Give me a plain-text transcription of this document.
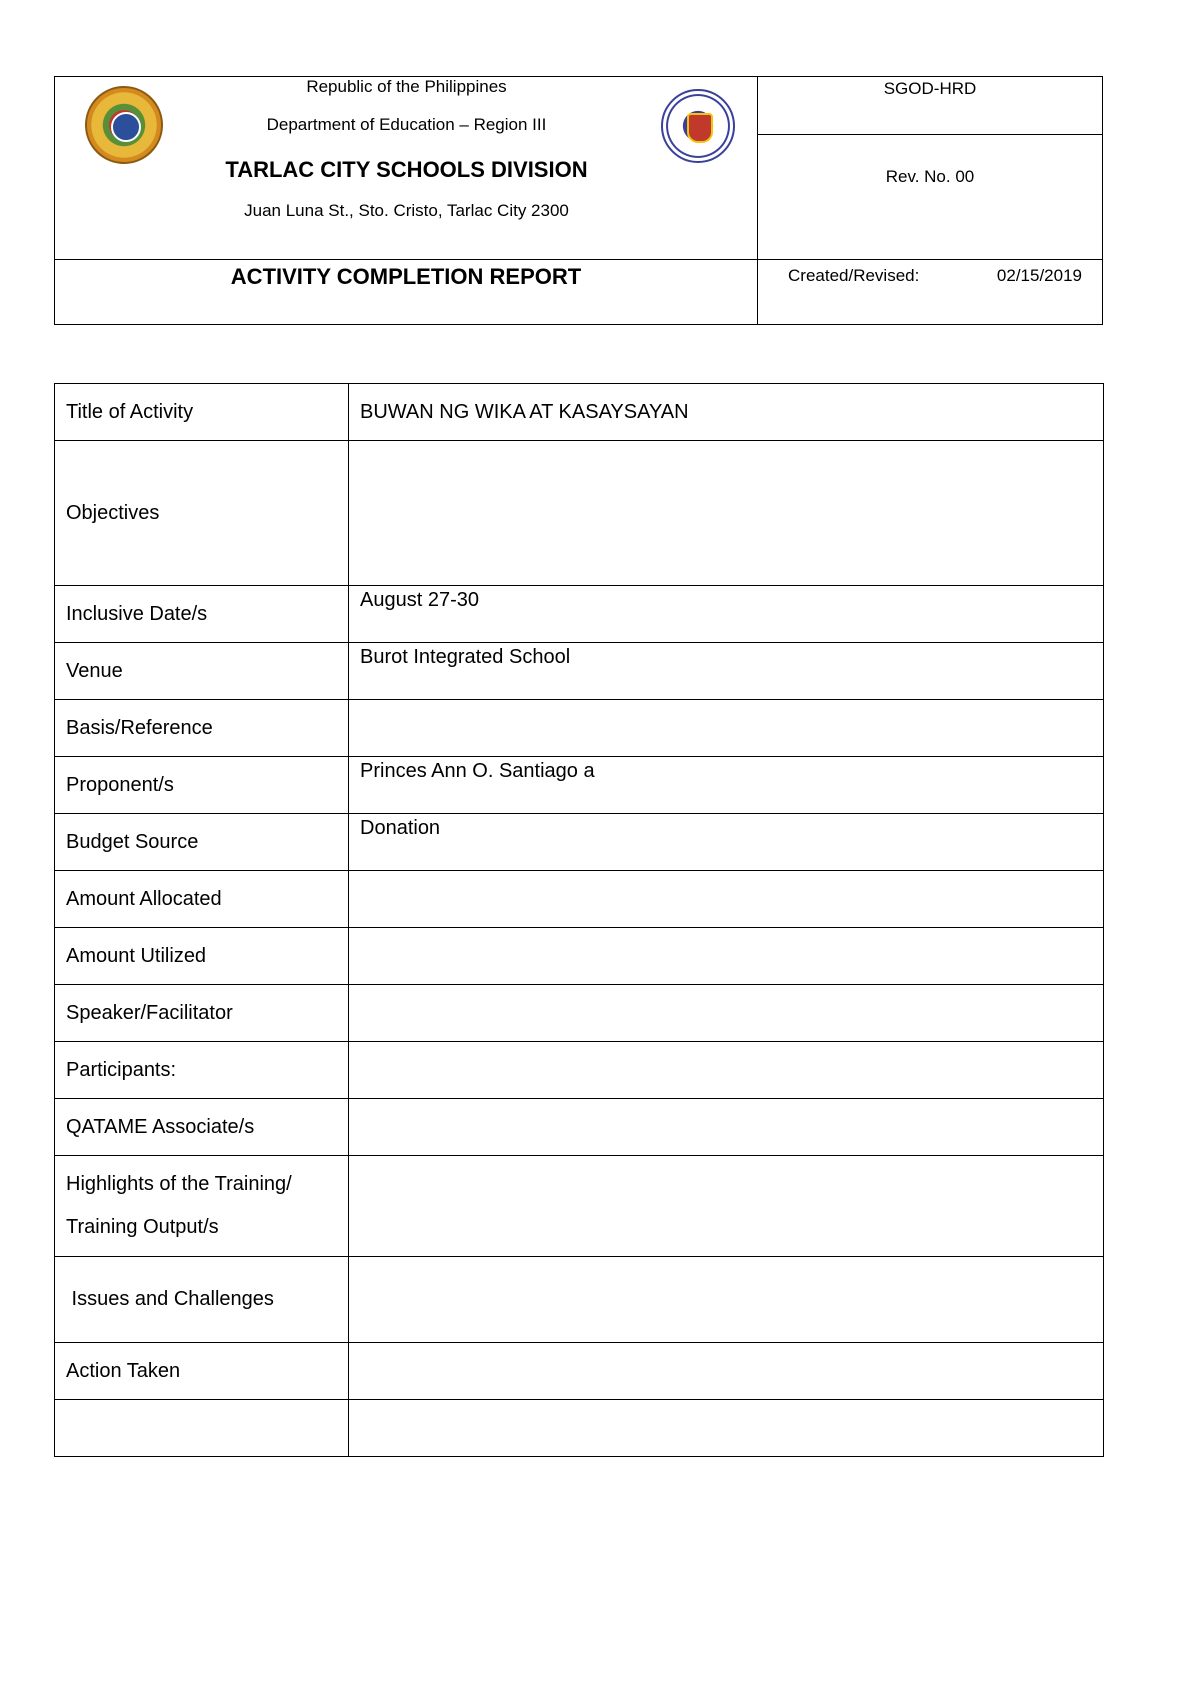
Republic of the Philippines
Department of Education – Region III
TARLAC CITY SCHOOLS DIVISION
Juan Luna St., Sto. Cristo, Tarlac City 2300
SGOD-HRD
Rev. No. 00
ACTIVITY COMPLETION REPORT	Created/Revised:	02/15/2019
Title of Activity	BUWAN NG WIKA AT KASAYSAYAN
Objectives	
Inclusive Date/s	August 27-30
Venue	Burot Integrated School
Basis/Reference	
Proponent/s	Princes Ann O. Santiago a
Budget Source	Donation
Amount Allocated	
Amount Utilized	
Speaker/Facilitator	
Participants:	
QATAME Associate/s	

Highlights of the Training/
Training Output/s	

Issues and Challenges	
Action Taken	
